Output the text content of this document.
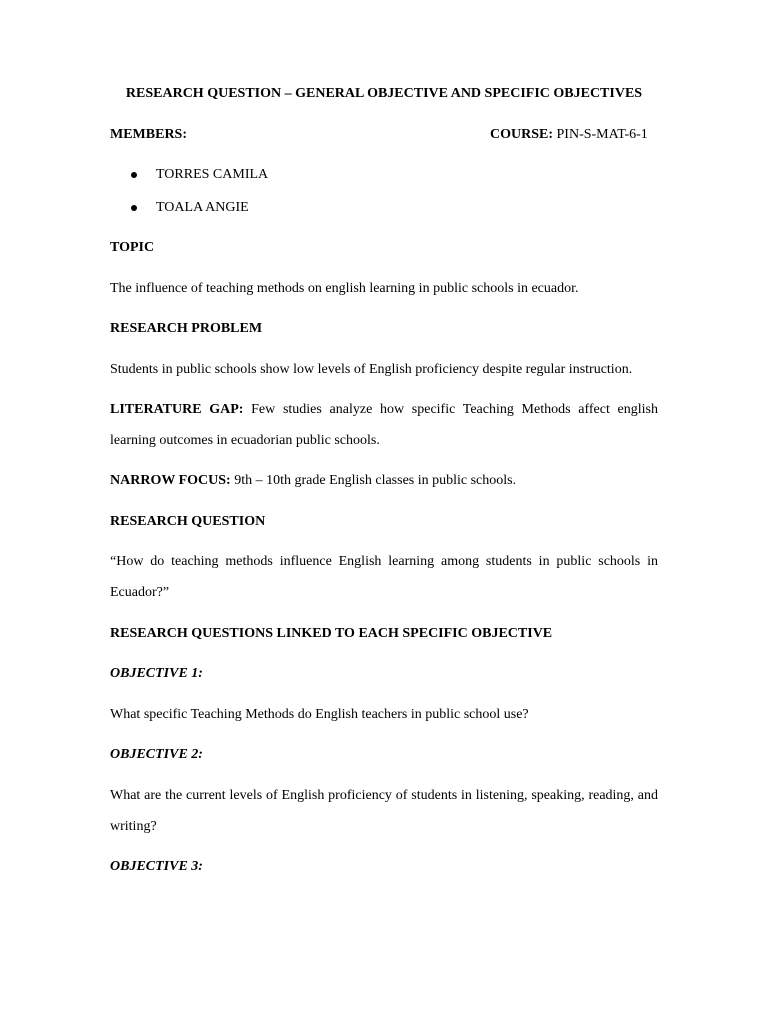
RESEARCH QUESTION – GENERAL OBJECTIVE AND SPECIFIC OBJECTIVES
MEMBERS:	COURSE: PIN-S-MAT-6-1
TORRES CAMILA
TOALA ANGIE
TOPIC
The influence of teaching methods on english learning in public schools in ecuador.
RESEARCH PROBLEM
Students in public schools show low levels of English proficiency despite regular instruction.
LITERATURE GAP: Few studies analyze how specific Teaching Methods affect english
learning outcomes in ecuadorian public schools.
NARROW FOCUS: 9th – 10th grade English classes in public schools.
RESEARCH QUESTION
“How do teaching methods influence English learning among students in public schools in
Ecuador?”
RESEARCH QUESTIONS LINKED TO EACH SPECIFIC OBJECTIVE
OBJECTIVE 1:
What specific Teaching Methods do English teachers in public school use?
OBJECTIVE 2:
What are the current levels of English proficiency of students in listening, speaking, reading, and
writing?
OBJECTIVE 3:
